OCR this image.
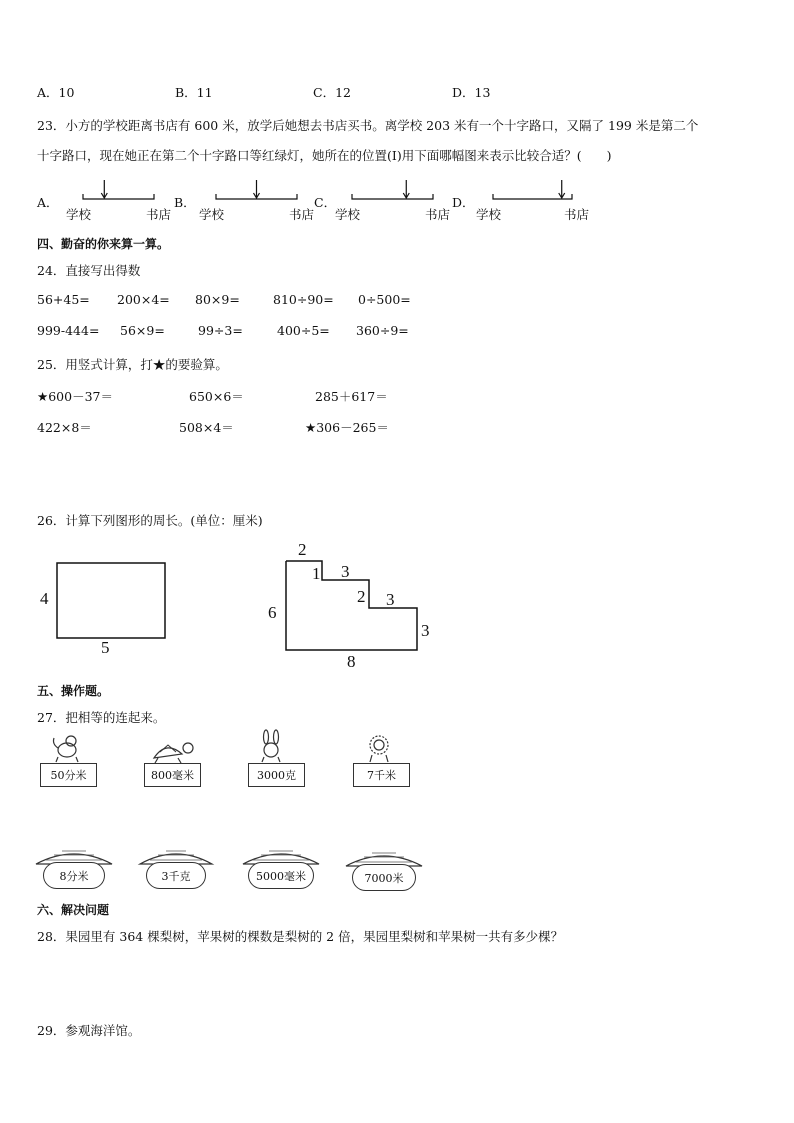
A．10	B．11	C．12	D．13
23．小方的学校距离书店有 600 米，放学后她想去书店买书。离学校 203 米有一个十字路口，又隔了 199 米是第二个
十字路口，现在她正在第二个十字路口等红绿灯，她所在的位置(I)用下面哪幅图来表示比较合适？(　　)
A．
学校	书店
B．
学校	书店
C．
学校	书店
D．
学校	书店
四、勤奋的你来算一算。
24．直接写出得数
56+45= 200×4= 80×9=	810÷90= 0÷500=
999-444= 56×9=	99÷3=	400÷5= 360÷9=
25．用竖式计算，打★的要验算。
★600－37＝	650×6＝	285＋617＝
422×8＝	508×4＝	★306－265＝
26．计算下列图形的周长。(单位：厘米)
4
5
2
1 3
2 3
6
3
8
五、操作题。
27．把相等的连起来。
50分米	800毫米	3000克	7千米
8分米	3千克	5000毫米	7000米
六、解决问题
28．果园里有 364 棵梨树，苹果树的棵数是梨树的 2 倍，果园里梨树和苹果树一共有多少棵？
29．参观海洋馆。
